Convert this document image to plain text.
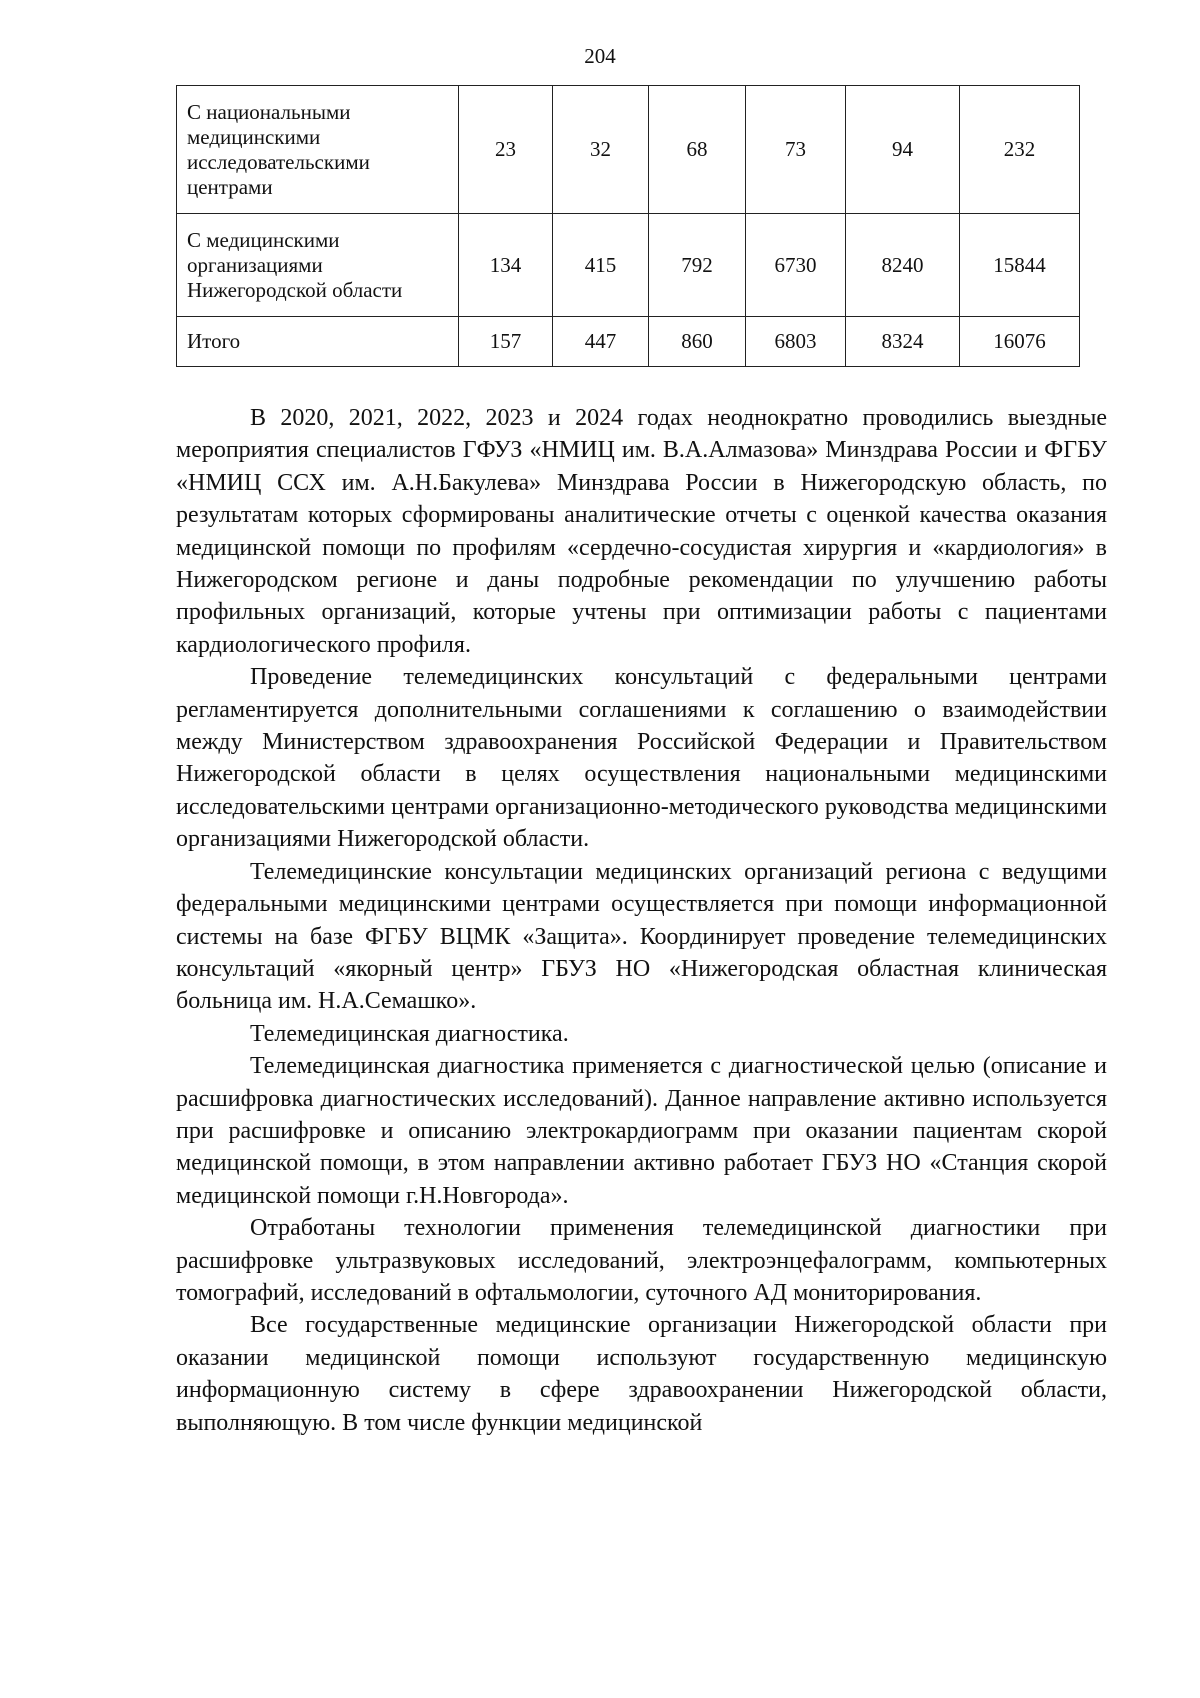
204
С национальными медицинскими исследовательскими центрами	23	32	68	73	94	232
С медицинскими организациями Нижегородской области	134	415	792	6730	8240	15844
Итого	157	447	860	6803	8324	16076

В 2020, 2021, 2022, 2023 и 2024 годах неоднократно проводились выездные мероприятия специалистов ГФУЗ «НМИЦ им. В.А.Алмазова» Минздрава России и ФГБУ «НМИЦ ССХ им. А.Н.Бакулева» Минздрава России в Нижегородскую область, по результатам которых сформированы аналитические отчеты с оценкой качества оказания медицинской помощи по профилям «сердечно-сосудистая хирургия и «кардиология» в Нижегородском регионе и даны подробные рекомендации по улучшению работы профильных организаций, которые учтены при оптимизации работы с пациентами кардиологического профиля.

Проведение телемедицинских консультаций с федеральными центрами регламентируется дополнительными соглашениями к соглашению о взаимодействии между Министерством здравоохранения Российской Федерации и Правительством Нижегородской области в целях осуществления национальными медицинскими исследовательскими центрами организационно-методического руководства медицинскими организациями Нижегородской области.

Телемедицинские консультации медицинских организаций региона с ведущими федеральными медицинскими центрами осуществляется при помощи информационной системы на базе ФГБУ ВЦМК «Защита». Координирует проведение телемедицинских консультаций «якорный центр» ГБУЗ НО «Нижегородская областная клиническая больница им. Н.А.Семашко».

Телемедицинская диагностика.

Телемедицинская диагностика применяется с диагностической целью (описание и расшифровка диагностических исследований). Данное направление активно используется при расшифровке и описанию электрокардиограмм при оказании пациентам скорой медицинской помощи, в этом направлении активно работает ГБУЗ НО «Станция скорой медицинской помощи г.Н.Новгорода».

Отработаны технологии применения телемедицинской диагностики при расшифровке ультразвуковых исследований, электроэнцефалограмм, компьютерных томографий, исследований в офтальмологии, суточного АД мониторирования.

Все государственные медицинские организации Нижегородской области при оказании медицинской помощи используют государственную медицинскую информационную систему в сфере здравоохранении Нижегородской области, выполняющую. В том числе функции медицинской
